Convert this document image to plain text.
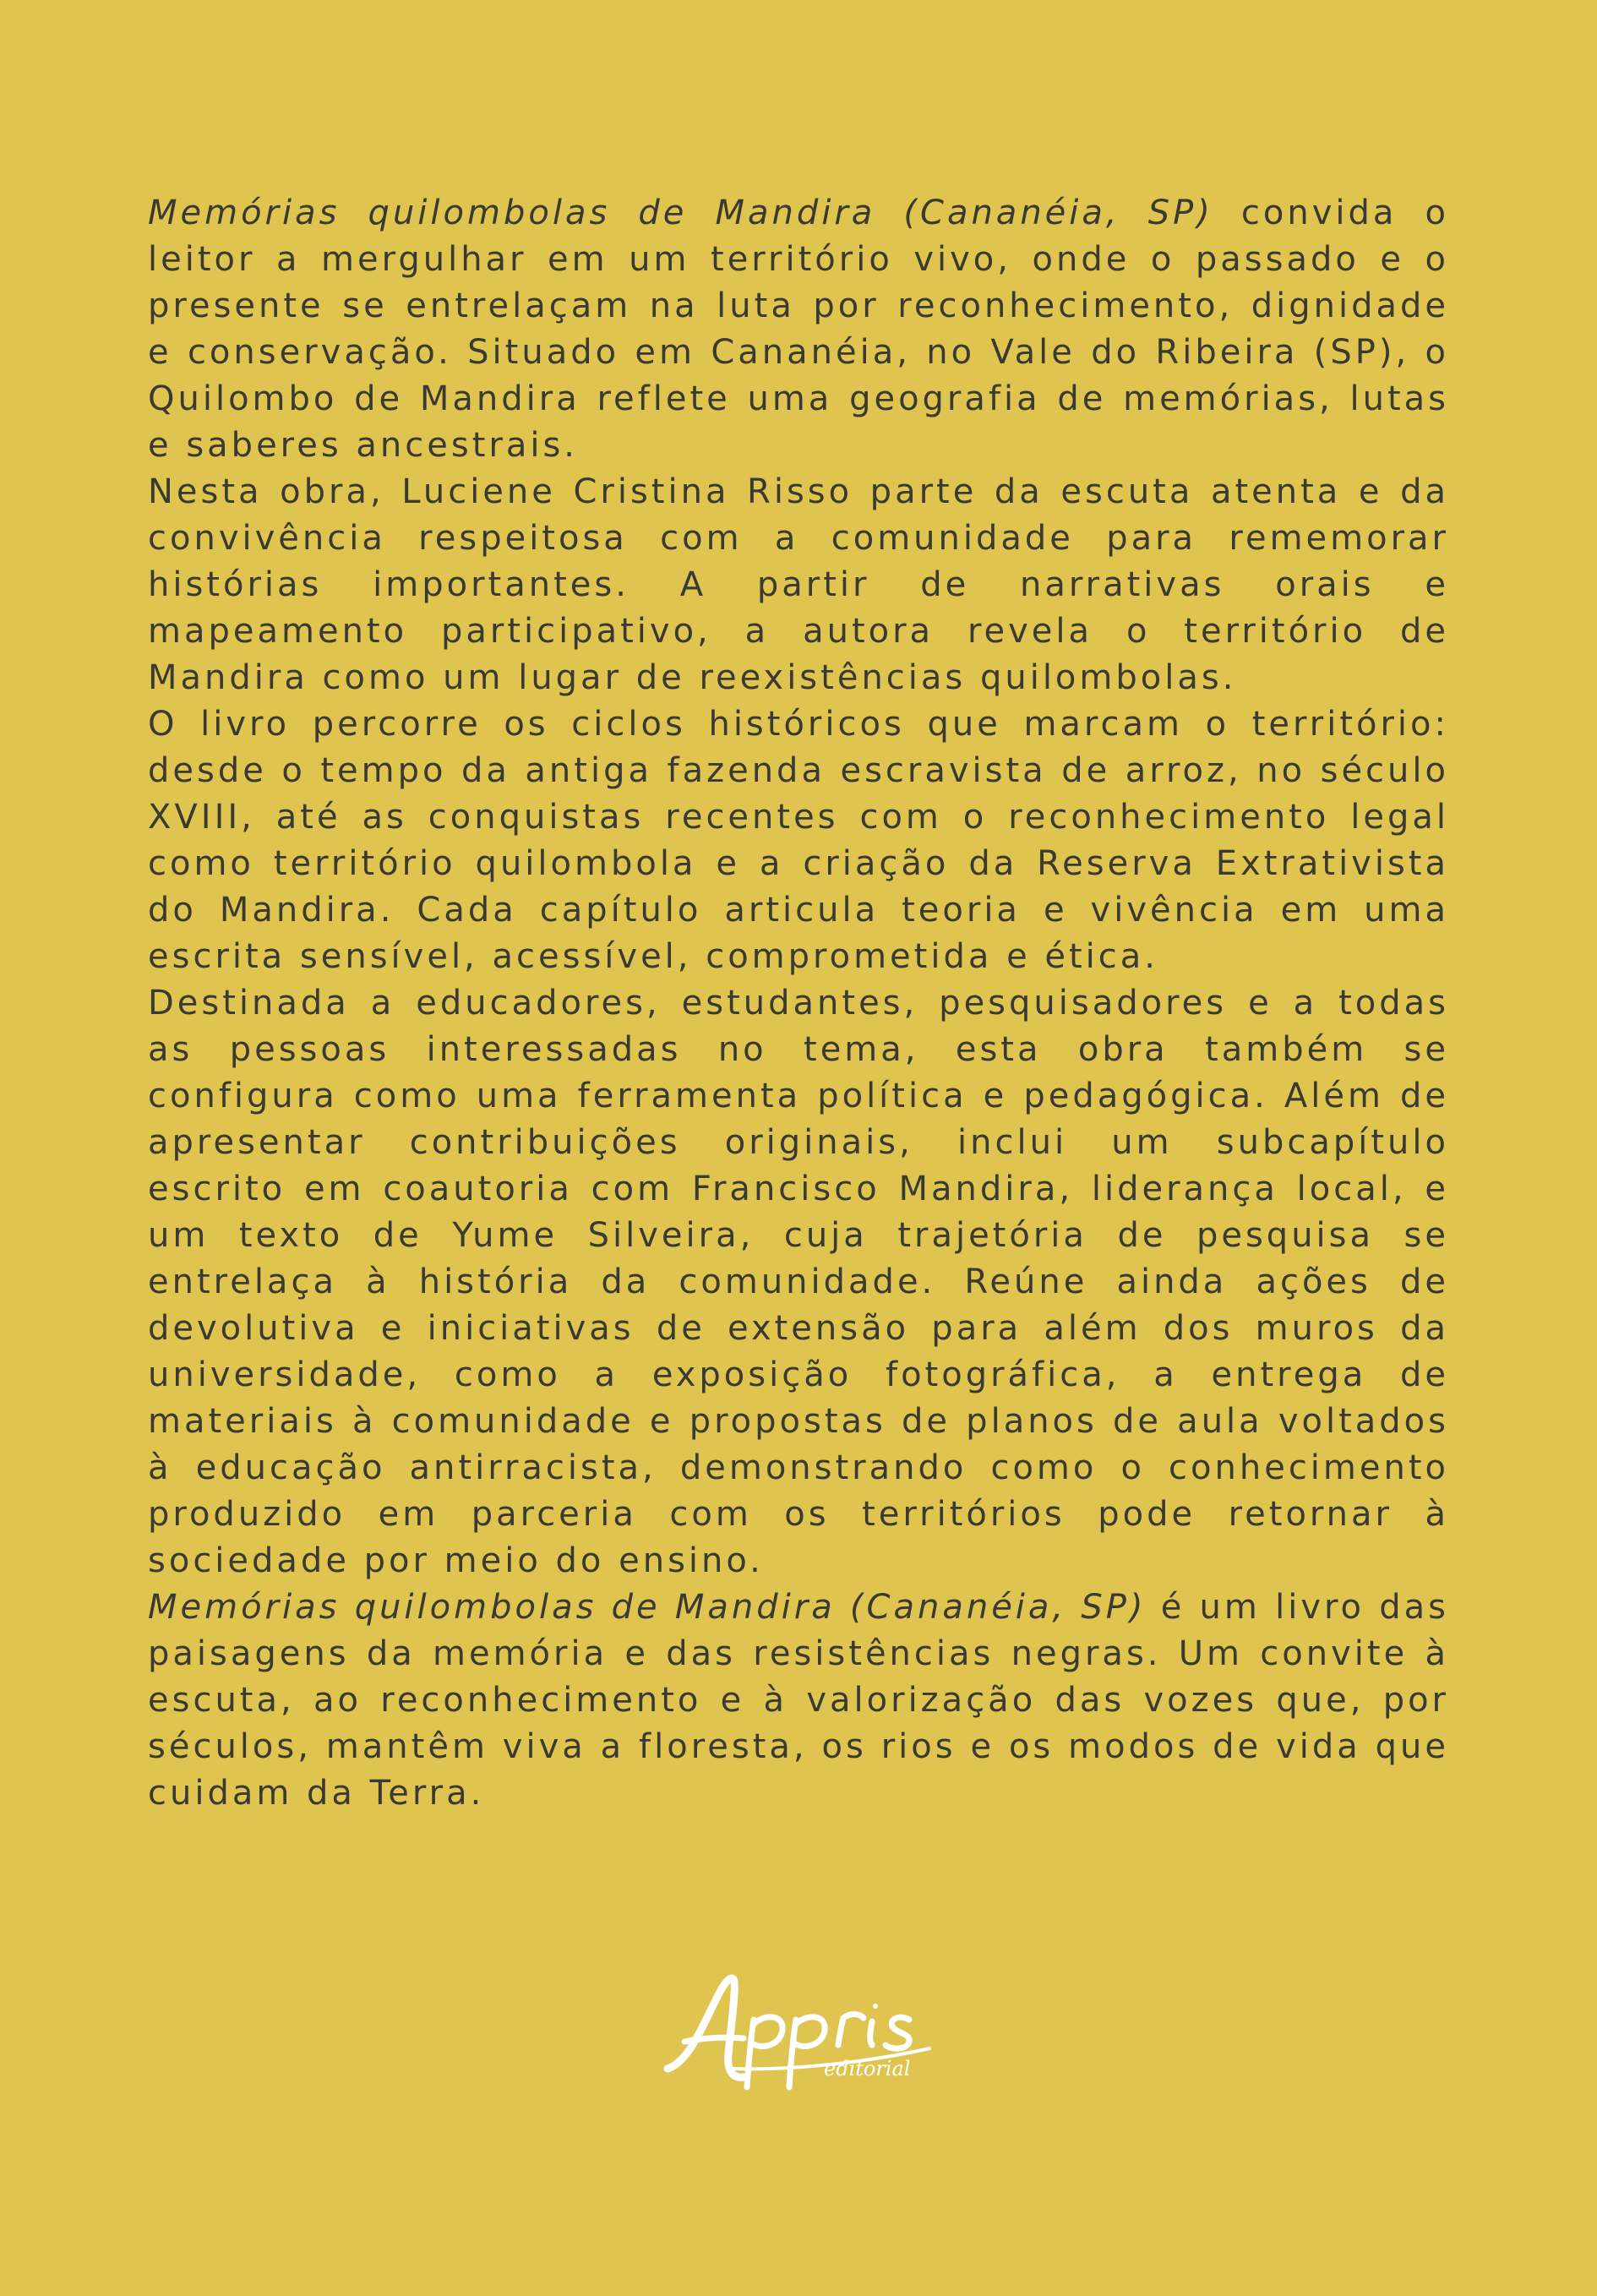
Memórias quilombolas de Mandira (Cananéia, SP) convida o leitor a mergulhar em um território vivo, onde o passado e o presente se entrelaçam na luta por reconhecimento, dignidade e conservação. Situado em Cananéia, no Vale do Ribeira (SP), o Quilombo de Mandira reflete uma geografia de memórias, lutas e saberes ancestrais.

Nesta obra, Luciene Cristina Risso parte da escuta atenta e da convivência respeitosa com a comunidade para rememorar histórias importantes. A partir de narrativas orais e mapeamento participativo, a autora revela o território de Mandira como um lugar de reexistências quilombolas.

O livro percorre os ciclos históricos que marcam o território: desde o tempo da antiga fazenda escravista de arroz, no século XVIII, até as conquistas recentes com o reconhecimento legal como território quilombola e a criação da Reserva Extrativista do Mandira. Cada capítulo articula teoria e vivência em uma escrita sensível, acessível, comprometida e ética.

Destinada a educadores, estudantes, pesquisadores e a todas as pessoas interessadas no tema, esta obra também se configura como uma ferramenta política e pedagógica. Além de apresentar contribuições originais, inclui um subcapítulo escrito em coautoria com Francisco Mandira, liderança local, e um texto de Yume Silveira, cuja trajetória de pesquisa se entrelaça à história da comunidade. Reúne ainda ações de devolutiva e iniciativas de extensão para além dos muros da universidade, como a exposição fotográfica, a entrega de materiais à comunidade e propostas de planos de aula voltados à educação antirracista, demonstrando como o conhecimento produzido em parceria com os territórios pode retornar à sociedade por meio do ensino.

Memórias quilombolas de Mandira (Cananéia, SP) é um livro das paisagens da memória e das resistências negras. Um convite à escuta, ao reconhecimento e à valorização das vozes que, por séculos, mantêm viva a floresta, os rios e os modos de vida que cuidam da Terra.

editorial
